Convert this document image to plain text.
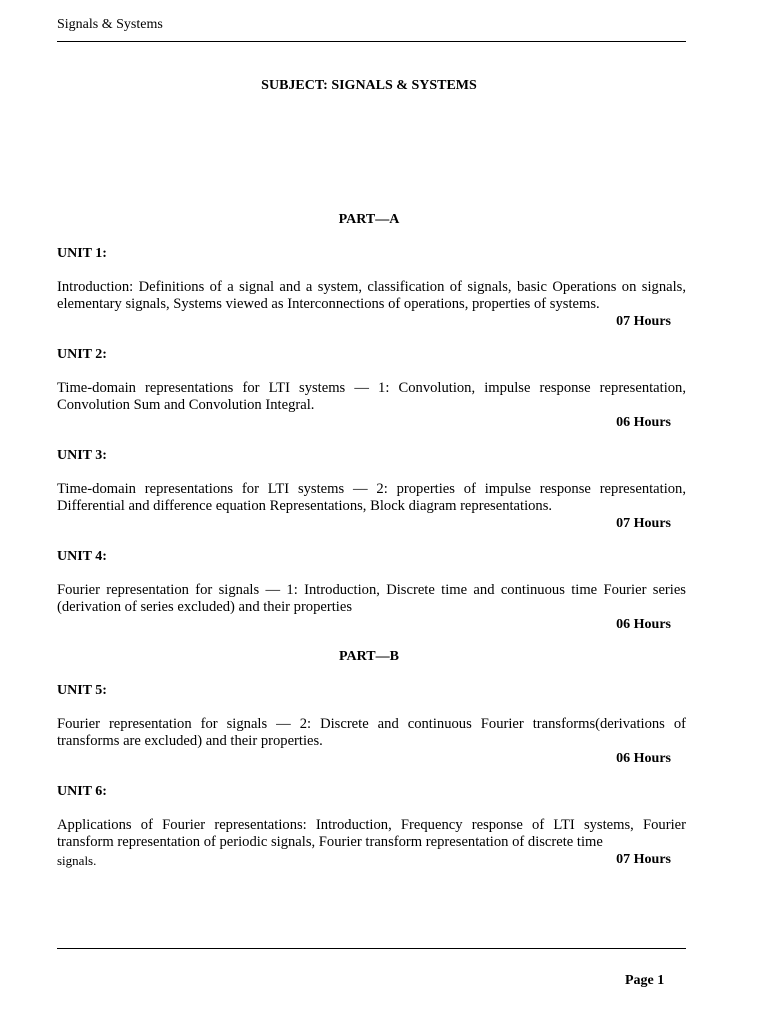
Signals & Systems
SUBJECT: SIGNALS & SYSTEMS
PART—A
UNIT 1:
Introduction: Definitions of a signal and a system, classification of signals, basic Operations on signals, elementary signals, Systems viewed as Interconnections of operations, properties of systems.
07 Hours
UNIT 2:
Time-domain representations for LTI systems — 1: Convolution, impulse response representation, Convolution Sum and Convolution Integral.
06 Hours
UNIT 3:
Time-domain representations for LTI systems — 2: properties of impulse response representation, Differential and difference equation Representations, Block diagram representations.
07 Hours
UNIT 4:
Fourier representation for signals — 1: Introduction, Discrete time and continuous time Fourier series (derivation of series excluded) and their properties
06 Hours
PART—B
UNIT 5:
Fourier representation for signals — 2: Discrete and continuous Fourier transforms(derivations of transforms are excluded) and their properties.
06 Hours
UNIT 6:
Applications of Fourier representations: Introduction, Frequency response of LTI systems, Fourier transform representation of periodic signals, Fourier transform representation of discrete time
signals.	07 Hours
Page 1
